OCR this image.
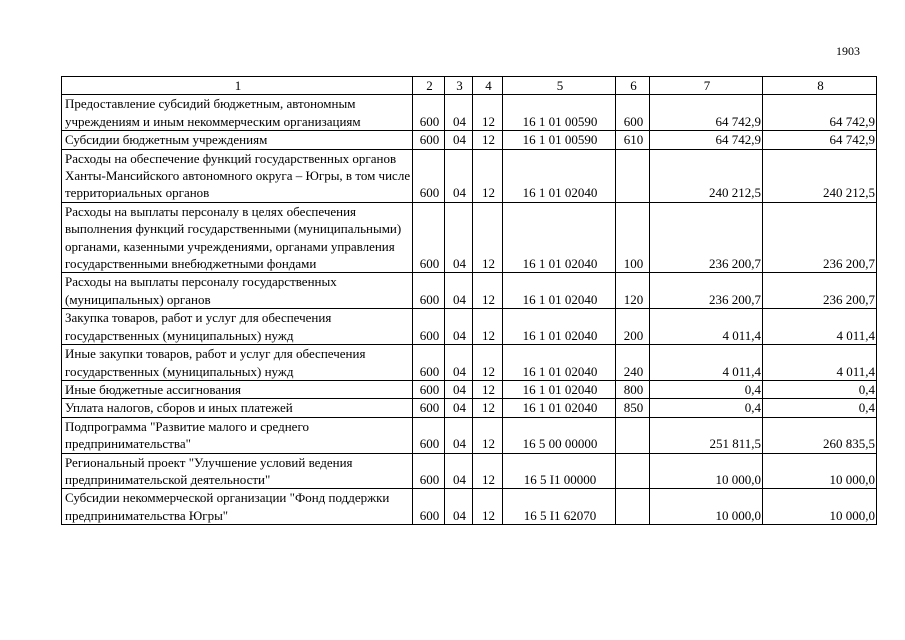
1903
1	2	3	4	5	6	7	8
Предоставление субсидий бюджетным, автономным учреждениям и иным некоммерческим организациям	600	04	12	16 1 01 00590	600	64 742,9	64 742,9
Субсидии бюджетным учреждениям	600	04	12	16 1 01 00590	610	64 742,9	64 742,9
Расходы на обеспечение функций государственных органов Ханты-Мансийского автономного округа – Югры, в том числе территориальных органов	600	04	12	16 1 01 02040		240 212,5	240 212,5
Расходы на выплаты персоналу в целях обеспечения выполнения функций государственными (муниципальными) органами, казенными учреждениями, органами управления государственными внебюджетными фондами	600	04	12	16 1 01 02040	100	236 200,7	236 200,7
Расходы на выплаты персоналу государственных (муниципальных) органов	600	04	12	16 1 01 02040	120	236 200,7	236 200,7
Закупка товаров, работ и услуг для обеспечения государственных (муниципальных) нужд	600	04	12	16 1 01 02040	200	4 011,4	4 011,4
Иные закупки товаров, работ и услуг для обеспечения государственных (муниципальных) нужд	600	04	12	16 1 01 02040	240	4 011,4	4 011,4
Иные бюджетные ассигнования	600	04	12	16 1 01 02040	800	0,4	0,4
Уплата налогов, сборов и иных платежей	600	04	12	16 1 01 02040	850	0,4	0,4
Подпрограмма "Развитие малого и среднего предпринимательства"	600	04	12	16 5 00 00000		251 811,5	260 835,5
Региональный проект "Улучшение условий ведения предпринимательской деятельности"	600	04	12	16 5 I1 00000		10 000,0	10 000,0
Субсидии некоммерческой организации "Фонд поддержки предпринимательства Югры"	600	04	12	16 5 I1 62070		10 000,0	10 000,0
